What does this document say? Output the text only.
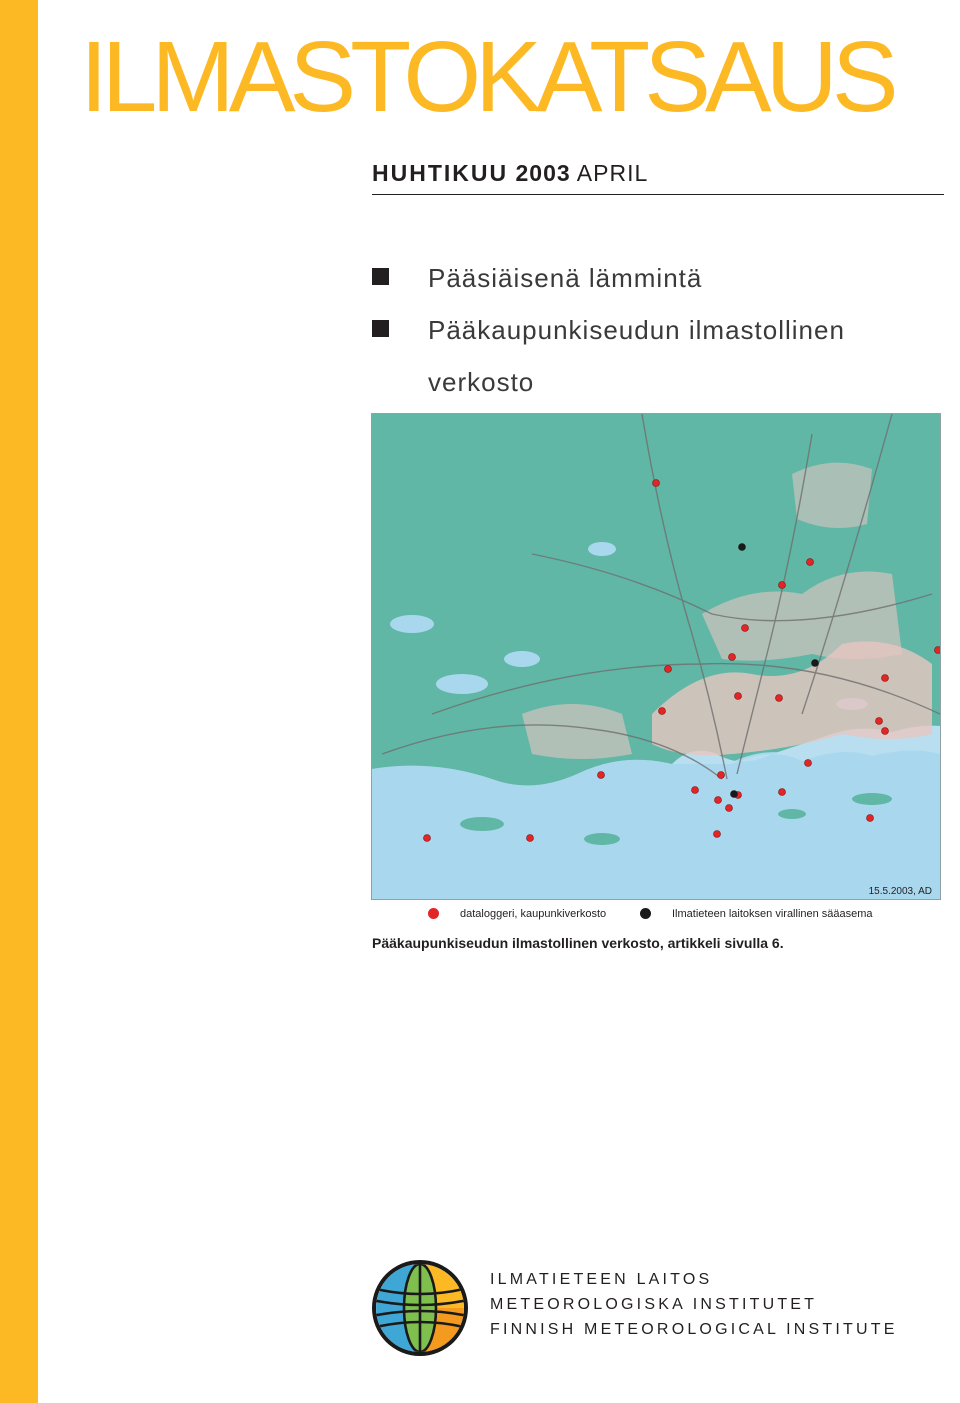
ILMASTOKATSAUS
HUHTIKUU 2003 APRIL
Pääsiäisenä lämmintä
Pääkaupunkiseudun ilmastollinen verkosto
15.5.2003, AD
dataloggeri, kaupunkiverkosto	Ilmatieteen laitoksen virallinen sääasema
Pääkaupunkiseudun ilmastollinen verkosto, artikkeli sivulla 6.
ILMATIETEEN LAITOS
METEOROLOGISKA INSTITUTET
FINNISH METEOROLOGICAL INSTITUTE
